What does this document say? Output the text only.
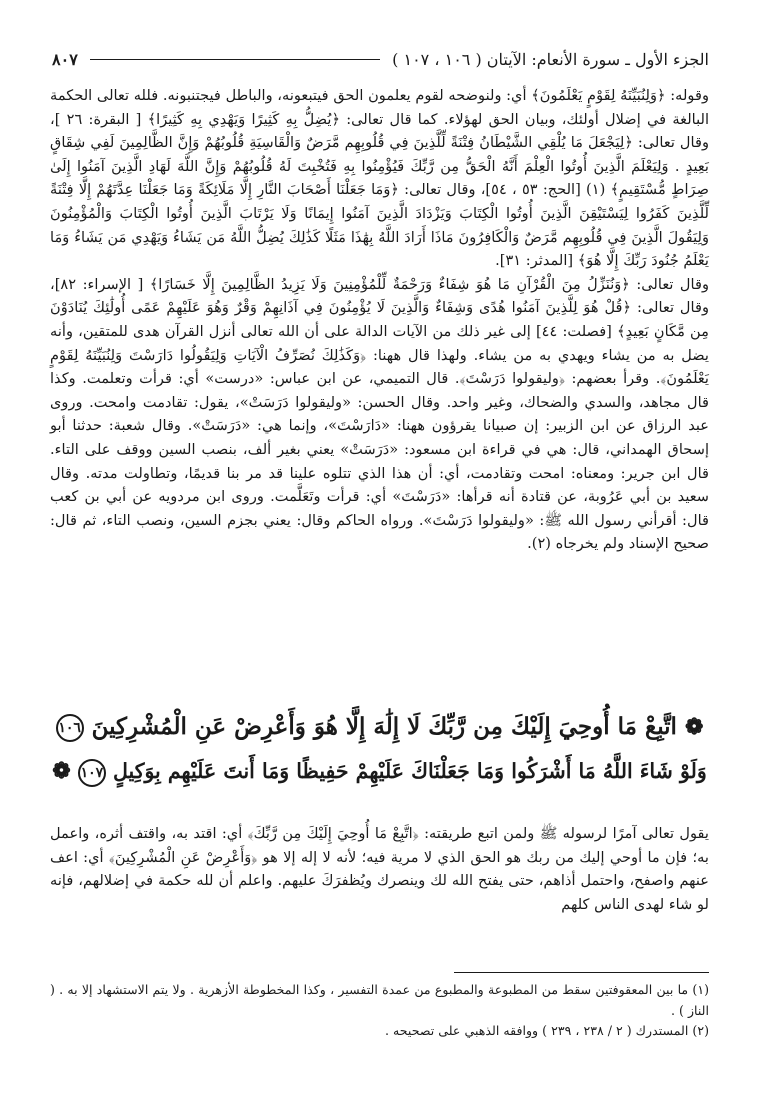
الجزء الأول ـ سورة الأنعام: الآيتان ( ١٠٦ ، ١٠٧ )
٨٠٧

وقوله: ﴿وَلِنُبَيِّنَهُ لِقَوْمٍ يَعْلَمُونَ﴾ أي: ولنوضحه لقوم يعلمون الحق فيتبعونه، والباطل فيجتنبونه. فلله تعالى الحكمة البالغة في إضلال أولئك، وبيان الحق لهؤلاء. كما قال تعالى: ﴿يُضِلُّ بِهِ كَثِيرًا وَيَهْدِي بِهِ كَثِيرًا﴾ [ البقرة: ٢٦ ]، وقال تعالى: ﴿لِيَجْعَلَ مَا يُلْقِي الشَّيْطَانُ فِتْنَةً لِّلَّذِينَ فِي قُلُوبِهِم مَّرَضٌ وَالْقَاسِيَةِ قُلُوبُهُمْ وَإِنَّ الظَّالِمِينَ لَفِي شِقَاقٍ بَعِيدٍ . وَلِيَعْلَمَ الَّذِينَ أُوتُوا الْعِلْمَ أَنَّهُ الْحَقُّ مِن رَّبِّكَ فَيُؤْمِنُوا بِهِ فَتُخْبِتَ لَهُ قُلُوبُهُمْ وَإِنَّ اللَّهَ لَهَادِ الَّذِينَ آمَنُوا إِلَىٰ صِرَاطٍ مُّسْتَقِيمٍ﴾ (١) [الحج: ٥٣ ، ٥٤]، وقال تعالى: ﴿وَمَا جَعَلْنَا أَصْحَابَ النَّارِ إِلَّا مَلَائِكَةً وَمَا جَعَلْنَا عِدَّتَهُمْ إِلَّا فِتْنَةً لِّلَّذِينَ كَفَرُوا لِيَسْتَيْقِنَ الَّذِينَ أُوتُوا الْكِتَابَ وَيَزْدَادَ الَّذِينَ آمَنُوا إِيمَانًا وَلَا يَرْتَابَ الَّذِينَ أُوتُوا الْكِتَابَ وَالْمُؤْمِنُونَ وَلِيَقُولَ الَّذِينَ فِي قُلُوبِهِم مَّرَضٌ وَالْكَافِرُونَ مَاذَا أَرَادَ اللَّهُ بِهَٰذَا مَثَلًا كَذَٰلِكَ يُضِلُّ اللَّهُ مَن يَشَاءُ وَيَهْدِي مَن يَشَاءُ وَمَا يَعْلَمُ جُنُودَ رَبِّكَ إِلَّا هُوَ﴾ [المدثر: ٣١].

وقال تعالى: ﴿وَنُنَزِّلُ مِنَ الْقُرْآنِ مَا هُوَ شِفَاءٌ وَرَحْمَةٌ لِّلْمُؤْمِنِينَ وَلَا يَزِيدُ الظَّالِمِينَ إِلَّا خَسَارًا﴾ [ الإسراء: ٨٢]، وقال تعالى: ﴿قُلْ هُوَ لِلَّذِينَ آمَنُوا هُدًى وَشِفَاءٌ وَالَّذِينَ لَا يُؤْمِنُونَ فِي آذَانِهِمْ وَقْرٌ وَهُوَ عَلَيْهِمْ عَمًى أُولَٰئِكَ يُنَادَوْنَ مِن مَّكَانٍ بَعِيدٍ﴾ [فصلت: ٤٤] إلى غير ذلك من الآيات الدالة على أن الله تعالى أنزل القرآن هدى للمتقين، وأنه يضل به من يشاء ويهدي به من يشاء. ولهذا قال ههنا: ﴿وَكَذَٰلِكَ نُصَرِّفُ الْآيَاتِ وَلِيَقُولُوا دَارَسْتَ وَلِنُبَيِّنَهُ لِقَوْمٍ يَعْلَمُونَ﴾. وقرأ بعضهم: ﴿وليقولوا دَرَسْتَ﴾. قال التميمي، عن ابن عباس: «درست» أي: قرأت وتعلمت. وكذا قال مجاهد، والسدي والضحاك، وغير واحد. وقال الحسن: «وليقولوا دَرَسَتْ»، يقول: تقادمت وامحت. وروى عبد الرزاق عن ابن الزبير: إن صبيانا يقرؤون ههنا: «دَارَسْتَ»، وإنما هي: «دَرَسَتْ». وقال شعبة: حدثنا أبو إسحاق الهمداني، قال: هي في قراءة ابن مسعود: «دَرَسَتْ» يعني بغير ألف، بنصب السين ووقف على التاء. قال ابن جرير: ومعناه: امحت وتقادمت، أي: أن هذا الذي تتلوه علينا قد مر بنا قديمًا، وتطاولت مدته. وقال سعيد بن أبي عَرُوبة، عن قتادة أنه قرأها: «دَرَسْتَ» أي: قرأت وتَعَلَّمت. وروى ابن مردويه عن أبي بن كعب قال: أقرأني رسول الله ﷺ: «وليقولوا دَرَسْتَ». ورواه الحاكم وقال: يعني بجزم السين، ونصب التاء، ثم قال: صحيح الإسناد ولم يخرجاه (٢).

❁ اتَّبِعْ مَا أُوحِيَ إِلَيْكَ مِن رَّبِّكَ لَا إِلَٰهَ إِلَّا هُوَ وَأَعْرِضْ عَنِ الْمُشْرِكِينَ ١٠٦
وَلَوْ شَاءَ اللَّهُ مَا أَشْرَكُوا وَمَا جَعَلْنَاكَ عَلَيْهِمْ حَفِيظًا وَمَا أَنتَ عَلَيْهِم بِوَكِيلٍ ١٠٧ ❁

يقول تعالى آمرًا لرسوله ﷺ ولمن اتبع طريقته: ﴿اتَّبِعْ مَا أُوحِيَ إِلَيْكَ مِن رَّبِّكَ﴾ أي: اقتد به، واقتف أثره، واعمل به؛ فإن ما أوحي إليك من ربك هو الحق الذي لا مرية فيه؛ لأنه لا إله إلا هو ﴿وَأَعْرِضْ عَنِ الْمُشْرِكِينَ﴾ أي: اعف عنهم واصفح، واحتمل أذاهم، حتى يفتح الله لك وينصرك ويُظفرَكَ عليهم. واعلم أن لله حكمة في إضلالهم، فإنه لو شاء لهدى الناس كلهم

(١) ما بين المعقوفتين سقط من المطبوعة والمطبوع من عمدة التفسير ، وكذا المخطوطة الأزهرية . ولا يتم الاستشهاد إلا به . ( الناز ) .

(٢) المستدرك ( ٢ / ٢٣٨ ، ٢٣٩ ) ووافقه الذهبي على تصحيحه .
